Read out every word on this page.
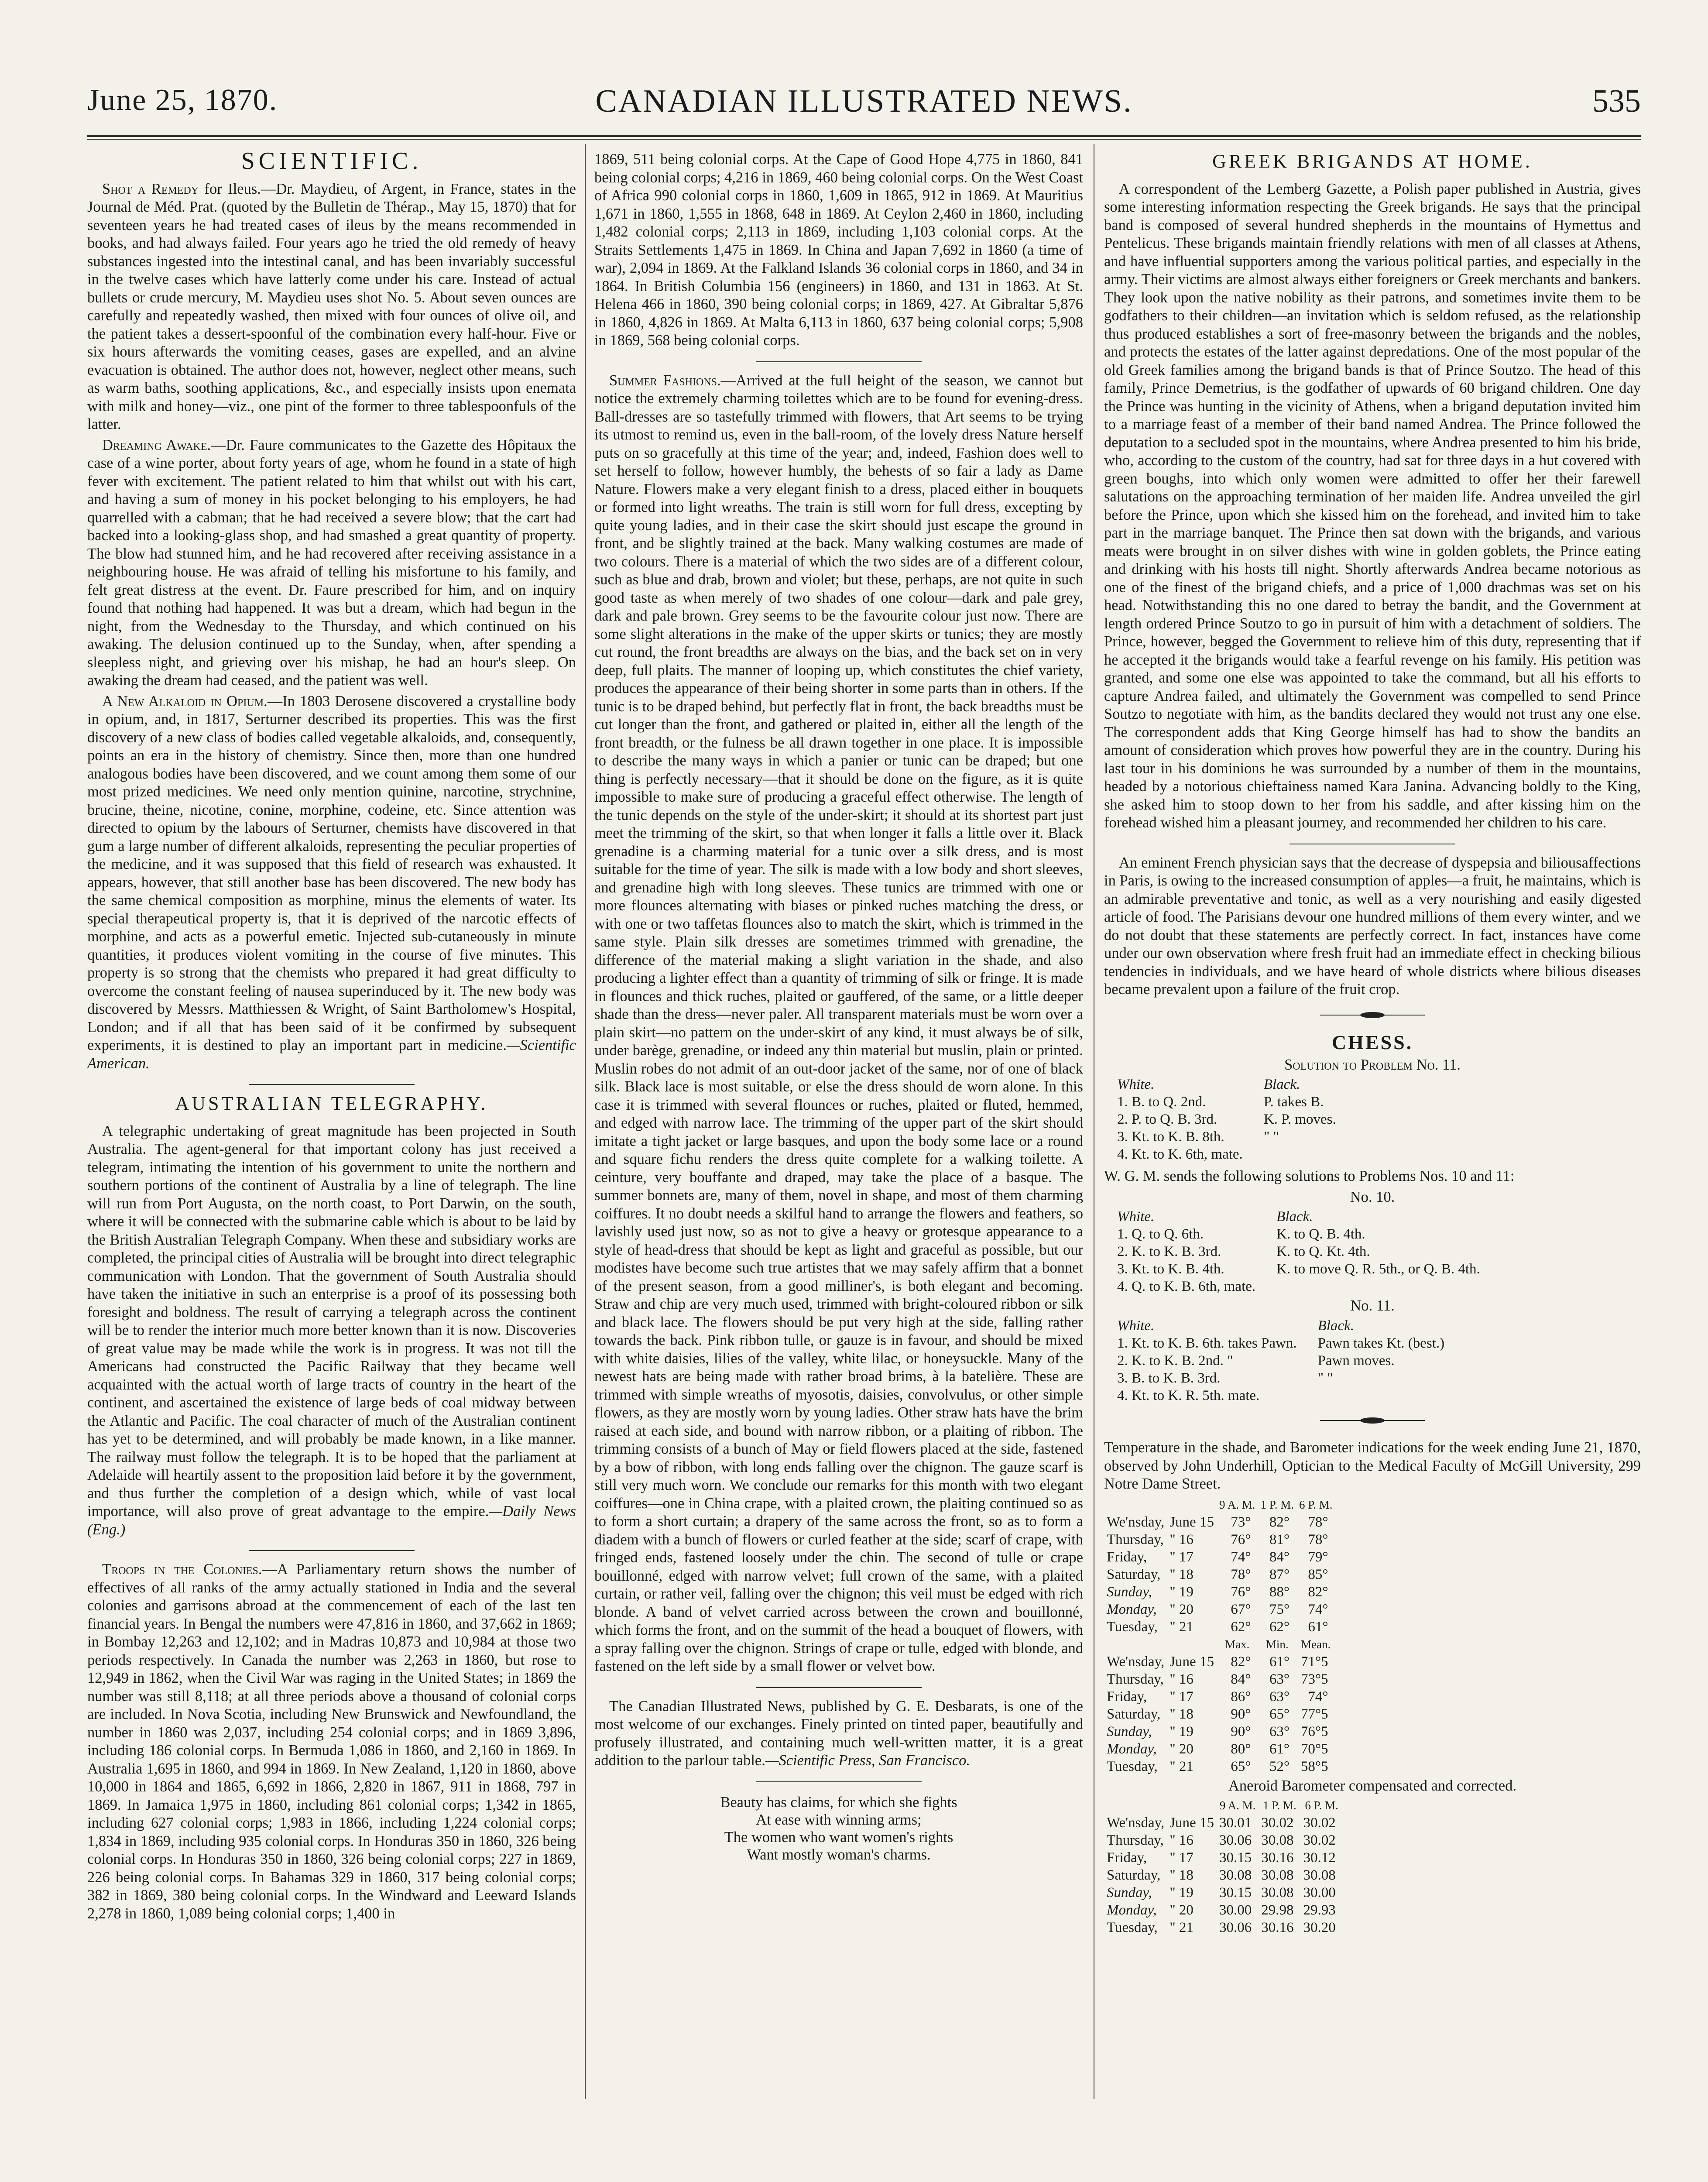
June 25, 1870.	CANADIAN ILLUSTRATED NEWS.	535
SCIENTIFIC.

Shot a Remedy for Ileus.—Dr. Maydieu, of Argent, in France, states in the Journal de Méd. Prat. (quoted by the Bulletin de Thérap., May 15, 1870) that for seventeen years he had treated cases of ileus by the means recommended in books, and had always failed. Four years ago he tried the old remedy of heavy substances ingested into the intestinal canal, and has been invariably successful in the twelve cases which have latterly come under his care. Instead of actual bullets or crude mercury, M. Maydieu uses shot No. 5. About seven ounces are carefully and repeatedly washed, then mixed with four ounces of olive oil, and the patient takes a dessert-spoonful of the combination every half-hour. Five or six hours afterwards the vomiting ceases, gases are expelled, and an alvine evacuation is obtained. The author does not, however, neglect other means, such as warm baths, soothing applications, &c., and especially insists upon enemata with milk and honey—viz., one pint of the former to three tablespoonfuls of the latter.

Dreaming Awake.—Dr. Faure communicates to the Gazette des Hôpitaux the case of a wine porter, about forty years of age, whom he found in a state of high fever with excitement. The patient related to him that whilst out with his cart, and having a sum of money in his pocket belonging to his employers, he had quarrelled with a cabman; that he had received a severe blow; that the cart had backed into a looking-glass shop, and had smashed a great quantity of property. The blow had stunned him, and he had recovered after receiving assistance in a neighbouring house. He was afraid of telling his misfortune to his family, and felt great distress at the event. Dr. Faure prescribed for him, and on inquiry found that nothing had happened. It was but a dream, which had begun in the night, from the Wednesday to the Thursday, and which continued on his awaking. The delusion continued up to the Sunday, when, after spending a sleepless night, and grieving over his mishap, he had an hour's sleep. On awaking the dream had ceased, and the patient was well.

A New Alkaloid in Opium.—In 1803 Derosene discovered a crystalline body in opium, and, in 1817, Serturner described its properties. This was the first discovery of a new class of bodies called vegetable alkaloids, and, consequently, points an era in the history of chemistry. Since then, more than one hundred analogous bodies have been discovered, and we count among them some of our most prized medicines. We need only mention quinine, narcotine, strychnine, brucine, theine, nicotine, conine, morphine, codeine, etc. Since attention was directed to opium by the labours of Serturner, chemists have discovered in that gum a large number of different alkaloids, representing the peculiar properties of the medicine, and it was supposed that this field of research was exhausted. It appears, however, that still another base has been discovered. The new body has the same chemical composition as morphine, minus the elements of water. Its special therapeutical property is, that it is deprived of the narcotic effects of morphine, and acts as a powerful emetic. Injected sub-cutaneously in minute quantities, it produces violent vomiting in the course of five minutes. This property is so strong that the chemists who prepared it had great difficulty to overcome the constant feeling of nausea superinduced by it. The new body was discovered by Messrs. Matthiessen & Wright, of Saint Bartholomew's Hospital, London; and if all that has been said of it be confirmed by subsequent experiments, it is destined to play an important part in medicine.—Scientific American.

AUSTRALIAN TELEGRAPHY.

A telegraphic undertaking of great magnitude has been projected in South Australia. The agent-general for that important colony has just received a telegram, intimating the intention of his government to unite the northern and southern portions of the continent of Australia by a line of telegraph. The line will run from Port Augusta, on the north coast, to Port Darwin, on the south, where it will be connected with the submarine cable which is about to be laid by the British Australian Telegraph Company. When these and subsidiary works are completed, the principal cities of Australia will be brought into direct telegraphic communication with London. That the government of South Australia should have taken the initiative in such an enterprise is a proof of its possessing both foresight and boldness. The result of carrying a telegraph across the continent will be to render the interior much more better known than it is now. Discoveries of great value may be made while the work is in progress. It was not till the Americans had constructed the Pacific Railway that they became well acquainted with the actual worth of large tracts of country in the heart of the continent, and ascertained the existence of large beds of coal midway between the Atlantic and Pacific. The coal character of much of the Australian continent has yet to be determined, and will probably be made known, in a like manner. The railway must follow the telegraph. It is to be hoped that the parliament at Adelaide will heartily assent to the proposition laid before it by the government, and thus further the completion of a design which, while of vast local importance, will also prove of great advantage to the empire.—Daily News (Eng.)

Troops in the Colonies.—A Parliamentary return shows the number of effectives of all ranks of the army actually stationed in India and the several colonies and garrisons abroad at the commencement of each of the last ten financial years. In Bengal the numbers were 47,816 in 1860, and 37,662 in 1869; in Bombay 12,263 and 12,102; and in Madras 10,873 and 10,984 at those two periods respectively. In Canada the number was 2,263 in 1860, but rose to 12,949 in 1862, when the Civil War was raging in the United States; in 1869 the number was still 8,118; at all three periods above a thousand of colonial corps are included. In Nova Scotia, including New Brunswick and Newfoundland, the number in 1860 was 2,037, including 254 colonial corps; and in 1869 3,896, including 186 colonial corps. In Bermuda 1,086 in 1860, and 2,160 in 1869. In Australia 1,695 in 1860, and 994 in 1869. In New Zealand, 1,120 in 1860, above 10,000 in 1864 and 1865, 6,692 in 1866, 2,820 in 1867, 911 in 1868, 797 in 1869. In Jamaica 1,975 in 1860, including 861 colonial corps; 1,342 in 1865, including 627 colonial corps; 1,983 in 1866, including 1,224 colonial corps; 1,834 in 1869, including 935 colonial corps. In Honduras 350 in 1860, 326 being colonial corps. In Honduras 350 in 1860, 326 being colonial corps; 227 in 1869, 226 being colonial corps. In Bahamas 329 in 1860, 317 being colonial corps; 382 in 1869, 380 being colonial corps. In the Windward and Leeward Islands 2,278 in 1860, 1,089 being colonial corps; 1,400 in

1869, 511 being colonial corps. At the Cape of Good Hope 4,775 in 1860, 841 being colonial corps; 4,216 in 1869, 460 being colonial corps. On the West Coast of Africa 990 colonial corps in 1860, 1,609 in 1865, 912 in 1869. At Mauritius 1,671 in 1860, 1,555 in 1868, 648 in 1869. At Ceylon 2,460 in 1860, including 1,482 colonial corps; 2,113 in 1869, including 1,103 colonial corps. At the Straits Settlements 1,475 in 1869. In China and Japan 7,692 in 1860 (a time of war), 2,094 in 1869. At the Falkland Islands 36 colonial corps in 1860, and 34 in 1864. In British Columbia 156 (engineers) in 1860, and 131 in 1863. At St. Helena 466 in 1860, 390 being colonial corps; in 1869, 427. At Gibraltar 5,876 in 1860, 4,826 in 1869. At Malta 6,113 in 1860, 637 being colonial corps; 5,908 in 1869, 568 being colonial corps.

Summer Fashions.—Arrived at the full height of the season, we cannot but notice the extremely charming toilettes which are to be found for evening-dress. Ball-dresses are so tastefully trimmed with flowers, that Art seems to be trying its utmost to remind us, even in the ball-room, of the lovely dress Nature herself puts on so gracefully at this time of the year; and, indeed, Fashion does well to set herself to follow, however humbly, the behests of so fair a lady as Dame Nature. Flowers make a very elegant finish to a dress, placed either in bouquets or formed into light wreaths. The train is still worn for full dress, excepting by quite young ladies, and in their case the skirt should just escape the ground in front, and be slightly trained at the back. Many walking costumes are made of two colours. There is a material of which the two sides are of a different colour, such as blue and drab, brown and violet; but these, perhaps, are not quite in such good taste as when merely of two shades of one colour—dark and pale grey, dark and pale brown. Grey seems to be the favourite colour just now. There are some slight alterations in the make of the upper skirts or tunics; they are mostly cut round, the front breadths are always on the bias, and the back set on in very deep, full plaits. The manner of looping up, which constitutes the chief variety, produces the appearance of their being shorter in some parts than in others. If the tunic is to be draped behind, but perfectly flat in front, the back breadths must be cut longer than the front, and gathered or plaited in, either all the length of the front breadth, or the fulness be all drawn together in one place. It is impossible to describe the many ways in which a panier or tunic can be draped; but one thing is perfectly necessary—that it should be done on the figure, as it is quite impossible to make sure of producing a graceful effect otherwise. The length of the tunic depends on the style of the under-skirt; it should at its shortest part just meet the trimming of the skirt, so that when longer it falls a little over it. Black grenadine is a charming material for a tunic over a silk dress, and is most suitable for the time of year. The silk is made with a low body and short sleeves, and grenadine high with long sleeves. These tunics are trimmed with one or more flounces alternating with biases or pinked ruches matching the dress, or with one or two taffetas flounces also to match the skirt, which is trimmed in the same style. Plain silk dresses are sometimes trimmed with grenadine, the difference of the material making a slight variation in the shade, and also producing a lighter effect than a quantity of trimming of silk or fringe. It is made in flounces and thick ruches, plaited or gauffered, of the same, or a little deeper shade than the dress—never paler. All transparent materials must be worn over a plain skirt—no pattern on the under-skirt of any kind, it must always be of silk, under barège, grenadine, or indeed any thin material but muslin, plain or printed. Muslin robes do not admit of an out-door jacket of the same, nor of one of black silk. Black lace is most suitable, or else the dress should de worn alone. In this case it is trimmed with several flounces or ruches, plaited or fluted, hemmed, and edged with narrow lace. The trimming of the upper part of the skirt should imitate a tight jacket or large basques, and upon the body some lace or a round and square fichu renders the dress quite complete for a walking toilette. A ceinture, very bouffante and draped, may take the place of a basque. The summer bonnets are, many of them, novel in shape, and most of them charming coiffures. It no doubt needs a skilful hand to arrange the flowers and feathers, so lavishly used just now, so as not to give a heavy or grotesque appearance to a style of head-dress that should be kept as light and graceful as possible, but our modistes have become such true artistes that we may safely affirm that a bonnet of the present season, from a good milliner's, is both elegant and becoming. Straw and chip are very much used, trimmed with bright-coloured ribbon or silk and black lace. The flowers should be put very high at the side, falling rather towards the back. Pink ribbon tulle, or gauze is in favour, and should be mixed with white daisies, lilies of the valley, white lilac, or honeysuckle. Many of the newest hats are being made with rather broad brims, à la batelière. These are trimmed with simple wreaths of myosotis, daisies, convolvulus, or other simple flowers, as they are mostly worn by young ladies. Other straw hats have the brim raised at each side, and bound with narrow ribbon, or a plaiting of ribbon. The trimming consists of a bunch of May or field flowers placed at the side, fastened by a bow of ribbon, with long ends falling over the chignon. The gauze scarf is still very much worn. We conclude our remarks for this month with two elegant coiffures—one in China crape, with a plaited crown, the plaiting continued so as to form a short curtain; a drapery of the same across the front, so as to form a diadem with a bunch of flowers or curled feather at the side; scarf of crape, with fringed ends, fastened loosely under the chin. The second of tulle or crape bouillonné, edged with narrow velvet; full crown of the same, with a plaited curtain, or rather veil, falling over the chignon; this veil must be edged with rich blonde. A band of velvet carried across between the crown and bouillonné, which forms the front, and on the summit of the head a bouquet of flowers, with a spray falling over the chignon. Strings of crape or tulle, edged with blonde, and fastened on the left side by a small flower or velvet bow.

The Canadian Illustrated News, published by G. E. Desbarats, is one of the most welcome of our exchanges. Finely printed on tinted paper, beautifully and profusely illustrated, and containing much well-written matter, it is a great addition to the parlour table.—Scientific Press, San Francisco.

Beauty has claims, for which she fights
At ease with winning arms;
The women who want women's rights
Want mostly woman's charms.
GREEK BRIGANDS AT HOME.

A correspondent of the Lemberg Gazette, a Polish paper published in Austria, gives some interesting information respecting the Greek brigands. He says that the principal band is composed of several hundred shepherds in the mountains of Hymettus and Pentelicus. These brigands maintain friendly relations with men of all classes at Athens, and have influential supporters among the various political parties, and especially in the army. Their victims are almost always either foreigners or Greek merchants and bankers. They look upon the native nobility as their patrons, and sometimes invite them to be godfathers to their children—an invitation which is seldom refused, as the relationship thus produced establishes a sort of free-masonry between the brigands and the nobles, and protects the estates of the latter against depredations. One of the most popular of the old Greek families among the brigand bands is that of Prince Soutzo. The head of this family, Prince Demetrius, is the godfather of upwards of 60 brigand children. One day the Prince was hunting in the vicinity of Athens, when a brigand deputation invited him to a marriage feast of a member of their band named Andrea. The Prince followed the deputation to a secluded spot in the mountains, where Andrea presented to him his bride, who, according to the custom of the country, had sat for three days in a hut covered with green boughs, into which only women were admitted to offer her their farewell salutations on the approaching termination of her maiden life. Andrea unveiled the girl before the Prince, upon which she kissed him on the forehead, and invited him to take part in the marriage banquet. The Prince then sat down with the brigands, and various meats were brought in on silver dishes with wine in golden goblets, the Prince eating and drinking with his hosts till night. Shortly afterwards Andrea became notorious as one of the finest of the brigand chiefs, and a price of 1,000 drachmas was set on his head. Notwithstanding this no one dared to betray the bandit, and the Government at length ordered Prince Soutzo to go in pursuit of him with a detachment of soldiers. The Prince, however, begged the Government to relieve him of this duty, representing that if he accepted it the brigands would take a fearful revenge on his family. His petition was granted, and some one else was appointed to take the command, but all his efforts to capture Andrea failed, and ultimately the Government was compelled to send Prince Soutzo to negotiate with him, as the bandits declared they would not trust any one else. The correspondent adds that King George himself has had to show the bandits an amount of consideration which proves how powerful they are in the country. During his last tour in his dominions he was surrounded by a number of them in the mountains, headed by a notorious chieftainess named Kara Janina. Advancing boldly to the King, she asked him to stoop down to her from his saddle, and after kissing him on the forehead wished him a pleasant journey, and recommended her children to his care.

An eminent French physician says that the decrease of dyspepsia and biliousaffections in Paris, is owing to the increased consumption of apples—a fruit, he maintains, which is an admirable preventative and tonic, as well as a very nourishing and easily digested article of food. The Parisians devour one hundred millions of them every winter, and we do not doubt that these statements are perfectly correct. In fact, instances have come under our own observation where fresh fruit had an immediate effect in checking bilious tendencies in individuals, and we have heard of whole districts where bilious diseases became prevalent upon a failure of the fruit crop.

CHESS.
Solution to Problem No. 11.
White.	Black.
1. B. to Q. 2nd.	P. takes B.
2. P. to Q. B. 3rd.	K. P. moves.
3. Kt. to K. B. 8th.	" "
4. Kt. to K. 6th, mate.	

W. G. M. sends the following solutions to Problems Nos. 10 and 11:

No. 10.
White.	Black.
1. Q. to Q. 6th.	K. to Q. B. 4th.
2. K. to K. B. 3rd.	K. to Q. Kt. 4th.
3. Kt. to K. B. 4th.	K. to move Q. R. 5th., or Q. B. 4th.
4. Q. to K. B. 6th, mate.	
No. 11.
White.	Black.
1. Kt. to K. B. 6th. takes Pawn.	Pawn takes Kt. (best.)
2. K. to K. B. 2nd. "	Pawn moves.
3. B. to K. B. 3rd.	" "
4. Kt. to K. R. 5th. mate.	

Temperature in the shade, and Barometer indications for the week ending June 21, 1870, observed by John Underhill, Optician to the Medical Faculty of McGill University, 299 Notre Dame Street.

		9 A. M.	1 P. M.	6 P. M.
We'nsday,	June 15	73°	82°	78°
Thursday,	" 16	76°	81°	78°
Friday,	" 17	74°	84°	79°
Saturday,	" 18	78°	87°	85°
Sunday,	" 19	76°	88°	82°
Monday,	" 20	67°	75°	74°
Tuesday,	" 21	62°	62°	61°
		Max.	Min.	Mean.
We'nsday,	June 15	82°	61°	71°5
Thursday,	" 16	84°	63°	73°5
Friday,	" 17	86°	63°	74°
Saturday,	" 18	90°	65°	77°5
Sunday,	" 19	90°	63°	76°5
Monday,	" 20	80°	61°	70°5
Tuesday,	" 21	65°	52°	58°5
Aneroid Barometer compensated and corrected.
		9 A. M.	1 P. M.	6 P. M.
We'nsday,	June 15	30.01	30.02	30.02
Thursday,	" 16	30.06	30.08	30.02
Friday,	" 17	30.15	30.16	30.12
Saturday,	" 18	30.08	30.08	30.08
Sunday,	" 19	30.15	30.08	30.00
Monday,	" 20	30.00	29.98	29.93
Tuesday,	" 21	30.06	30.16	30.20
